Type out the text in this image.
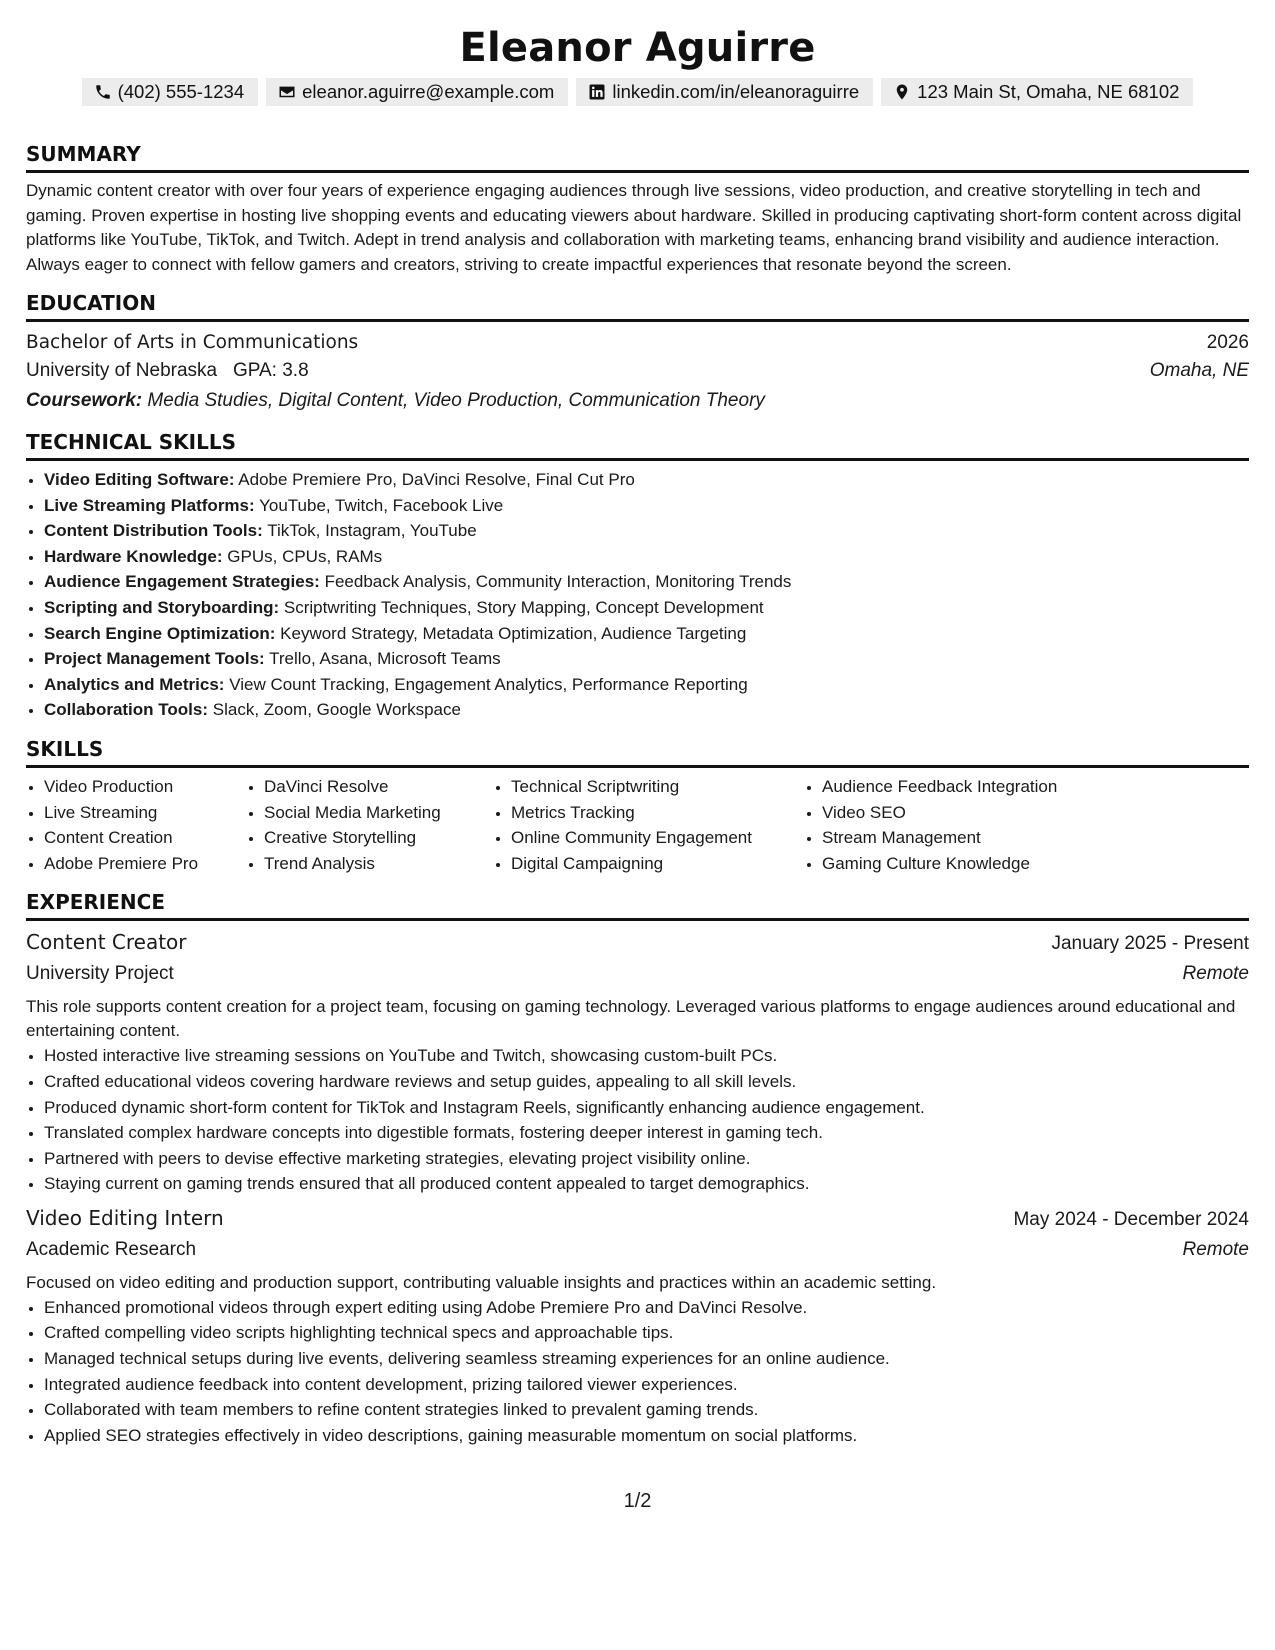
Eleanor Aguirre
(402) 555-1234	eleanor.aguirre@example.com	linkedin.com/in/eleanoraguirre	123 Main St, Omaha, NE 68102
SUMMARY

Dynamic content creator with over four years of experience engaging audiences through live sessions, video production, and creative storytelling in tech and gaming. Proven expertise in hosting live shopping events and educating viewers about hardware. Skilled in producing captivating short-form content across digital platforms like YouTube, TikTok, and Twitch. Adept in trend analysis and collaboration with marketing teams, enhancing brand visibility and audience interaction. Always eager to connect with fellow gamers and creators, striving to create impactful experiences that resonate beyond the screen.

EDUCATION
Bachelor of Arts in Communications	2026
University of Nebraska GPA: 3.8	Omaha, NE
Coursework: Media Studies, Digital Content, Video Production, Communication Theory
TECHNICAL SKILLS
• Video Editing Software: Adobe Premiere Pro, DaVinci Resolve, Final Cut Pro
• Live Streaming Platforms: YouTube, Twitch, Facebook Live
• Content Distribution Tools: TikTok, Instagram, YouTube
• Hardware Knowledge: GPUs, CPUs, RAMs
• Audience Engagement Strategies: Feedback Analysis, Community Interaction, Monitoring Trends
• Scripting and Storyboarding: Scriptwriting Techniques, Story Mapping, Concept Development
• Search Engine Optimization: Keyword Strategy, Metadata Optimization, Audience Targeting
• Project Management Tools: Trello, Asana, Microsoft Teams
• Analytics and Metrics: View Count Tracking, Engagement Analytics, Performance Reporting
• Collaboration Tools: Slack, Zoom, Google Workspace
SKILLS
• Video Production
• Live Streaming
• Content Creation
• Adobe Premiere Pro
• DaVinci Resolve
• Social Media Marketing
• Creative Storytelling
• Trend Analysis
• Technical Scriptwriting
• Metrics Tracking
• Online Community Engagement
• Digital Campaigning
• Audience Feedback Integration
• Video SEO
• Stream Management
• Gaming Culture Knowledge
EXPERIENCE
Content Creator	January 2025 - Present
University Project	Remote
This role supports content creation for a project team, focusing on gaming technology. Leveraged various platforms to engage audiences around educational and entertaining content.
• Hosted interactive live streaming sessions on YouTube and Twitch, showcasing custom-built PCs.
• Crafted educational videos covering hardware reviews and setup guides, appealing to all skill levels.
• Produced dynamic short-form content for TikTok and Instagram Reels, significantly enhancing audience engagement.
• Translated complex hardware concepts into digestible formats, fostering deeper interest in gaming tech.
• Partnered with peers to devise effective marketing strategies, elevating project visibility online.
• Staying current on gaming trends ensured that all produced content appealed to target demographics.
Video Editing Intern	May 2024 - December 2024
Academic Research	Remote
Focused on video editing and production support, contributing valuable insights and practices within an academic setting.
• Enhanced promotional videos through expert editing using Adobe Premiere Pro and DaVinci Resolve.
• Crafted compelling video scripts highlighting technical specs and approachable tips.
• Managed technical setups during live events, delivering seamless streaming experiences for an online audience.
• Integrated audience feedback into content development, prizing tailored viewer experiences.
• Collaborated with team members to refine content strategies linked to prevalent gaming trends.
• Applied SEO strategies effectively in video descriptions, gaining measurable momentum on social platforms.
1/2
